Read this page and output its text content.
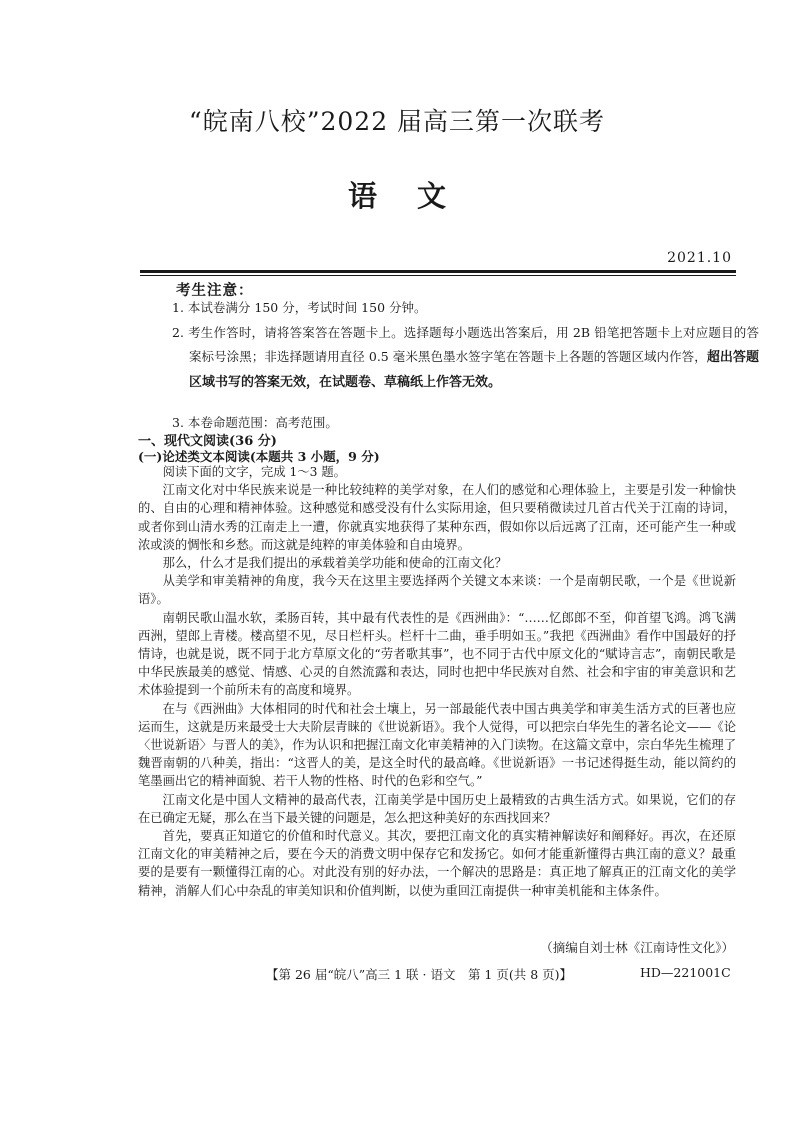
“皖南八校”2022 届高三第一次联考
语文
2021.10
考生注意：
1. 本试卷满分 150 分，考试时间 150 分钟。
2. 考生作答时，请将答案答在答题卡上。选择题每小题选出答案后，用 2B 铅笔把答题卡上对应题目的答案标号涂黑；非选择题请用直径 0.5 毫米黑色墨水签字笔在答题卡上各题的答题区域内作答，超出答题区域书写的答案无效，在试题卷、草稿纸上作答无效。
3. 本卷命题范围：高考范围。
一、现代文阅读(36 分)
(一)论述类文本阅读(本题共 3 小题，9 分)

阅读下面的文字，完成 1～3 题。

江南文化对中华民族来说是一种比较纯粹的美学对象，在人们的感觉和心理体验上，主要是引发一种愉快的、自由的心理和精神体验。这种感觉和感受没有什么实际用途，但只要稍微读过几首古代关于江南的诗词，或者你到山清水秀的江南走上一遭，你就真实地获得了某种东西，假如你以后远离了江南，还可能产生一种或浓或淡的惆怅和乡愁。而这就是纯粹的审美体验和自由境界。

那么，什么才是我们提出的承载着美学功能和使命的江南文化？

从美学和审美精神的角度，我今天在这里主要选择两个关键文本来谈：一个是南朝民歌，一个是《世说新语》。

南朝民歌山温水软，柔肠百转，其中最有代表性的是《西洲曲》：“……忆郎郎不至，仰首望飞鸿。鸿飞满西洲，望郎上青楼。楼高望不见，尽日栏杆头。栏杆十二曲，垂手明如玉。”我把《西洲曲》看作中国最好的抒情诗，也就是说，既不同于北方草原文化的“劳者歌其事”，也不同于古代中原文化的“赋诗言志”，南朝民歌是中华民族最美的感觉、情感、心灵的自然流露和表达，同时也把中华民族对自然、社会和宇宙的审美意识和艺术体验提到一个前所未有的高度和境界。

在与《西洲曲》大体相同的时代和社会土壤上，另一部最能代表中国古典美学和审美生活方式的巨著也应运而生，这就是历来最受士大夫阶层青睐的《世说新语》。我个人觉得，可以把宗白华先生的著名论文——《论〈世说新语〉与晋人的美》，作为认识和把握江南文化审美精神的入门读物。在这篇文章中，宗白华先生梳理了魏晋南朝的八种美，指出：“这晋人的美，是这全时代的最高峰。《世说新语》一书记述得挺生动，能以简约的笔墨画出它的精神面貌、若干人物的性格、时代的色彩和空气。”

江南文化是中国人文精神的最高代表，江南美学是中国历史上最精致的古典生活方式。如果说，它们的存在已确定无疑，那么在当下最关键的问题是，怎么把这种美好的东西找回来？

首先，要真正知道它的价值和时代意义。其次，要把江南文化的真实精神解读好和阐释好。再次，在还原江南文化的审美精神之后，要在今天的消费文明中保存它和发扬它。如何才能重新懂得古典江南的意义？最重要的是要有一颗懂得江南的心。对此没有别的好办法，一个解决的思路是：真正地了解真正的江南文化的美学精神，消解人们心中杂乱的审美知识和价值判断，以使为重回江南提供一种审美机能和主体条件。

（摘编自刘士林《江南诗性文化》）
【第 26 届“皖八”高三 1 联 · 语文　第 1 页(共 8 页)】	HD—221001C
